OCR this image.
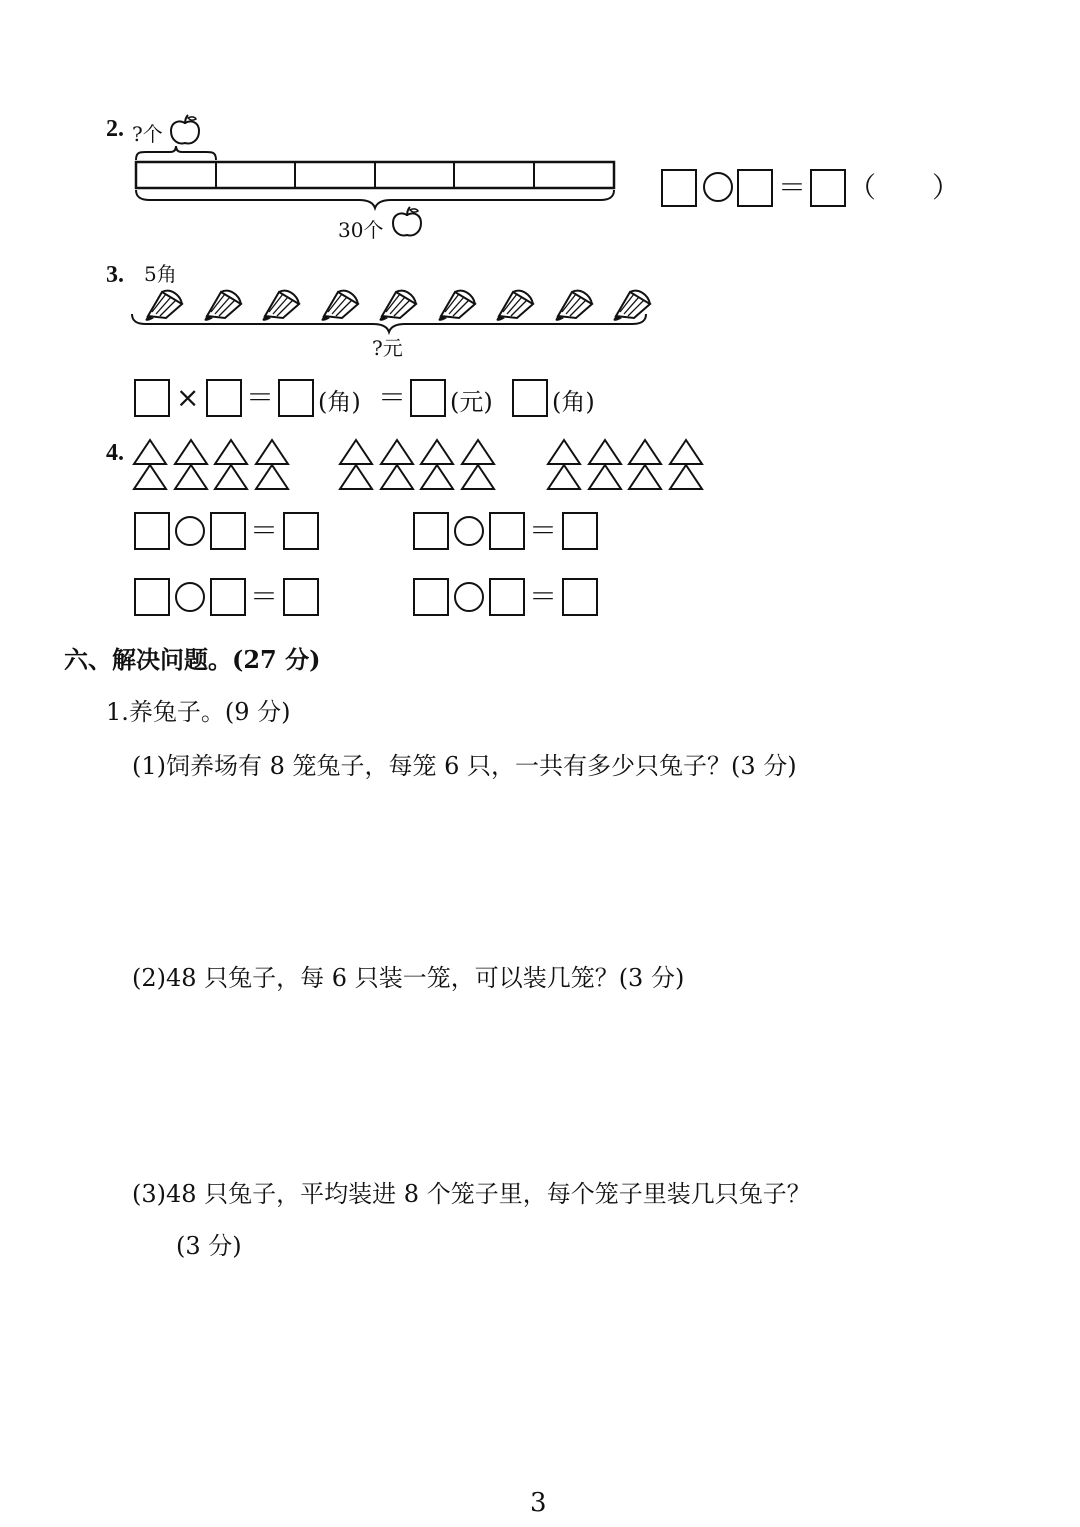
2. ?个
30个
＝ （　　）
3. 5角
?元
× ＝ (角) ＝ (元) (角)
4.
＝	＝
＝	＝
六、解决问题。(27 分)
1.养兔子。(9 分)
(1)饲养场有 8 笼兔子，每笼 6 只，一共有多少只兔子？(3 分)
(2)48 只兔子，每 6 只装一笼，可以装几笼？(3 分)
(3)48 只兔子，平均装进 8 个笼子里，每个笼子里装几只兔子？
(3 分)
3
